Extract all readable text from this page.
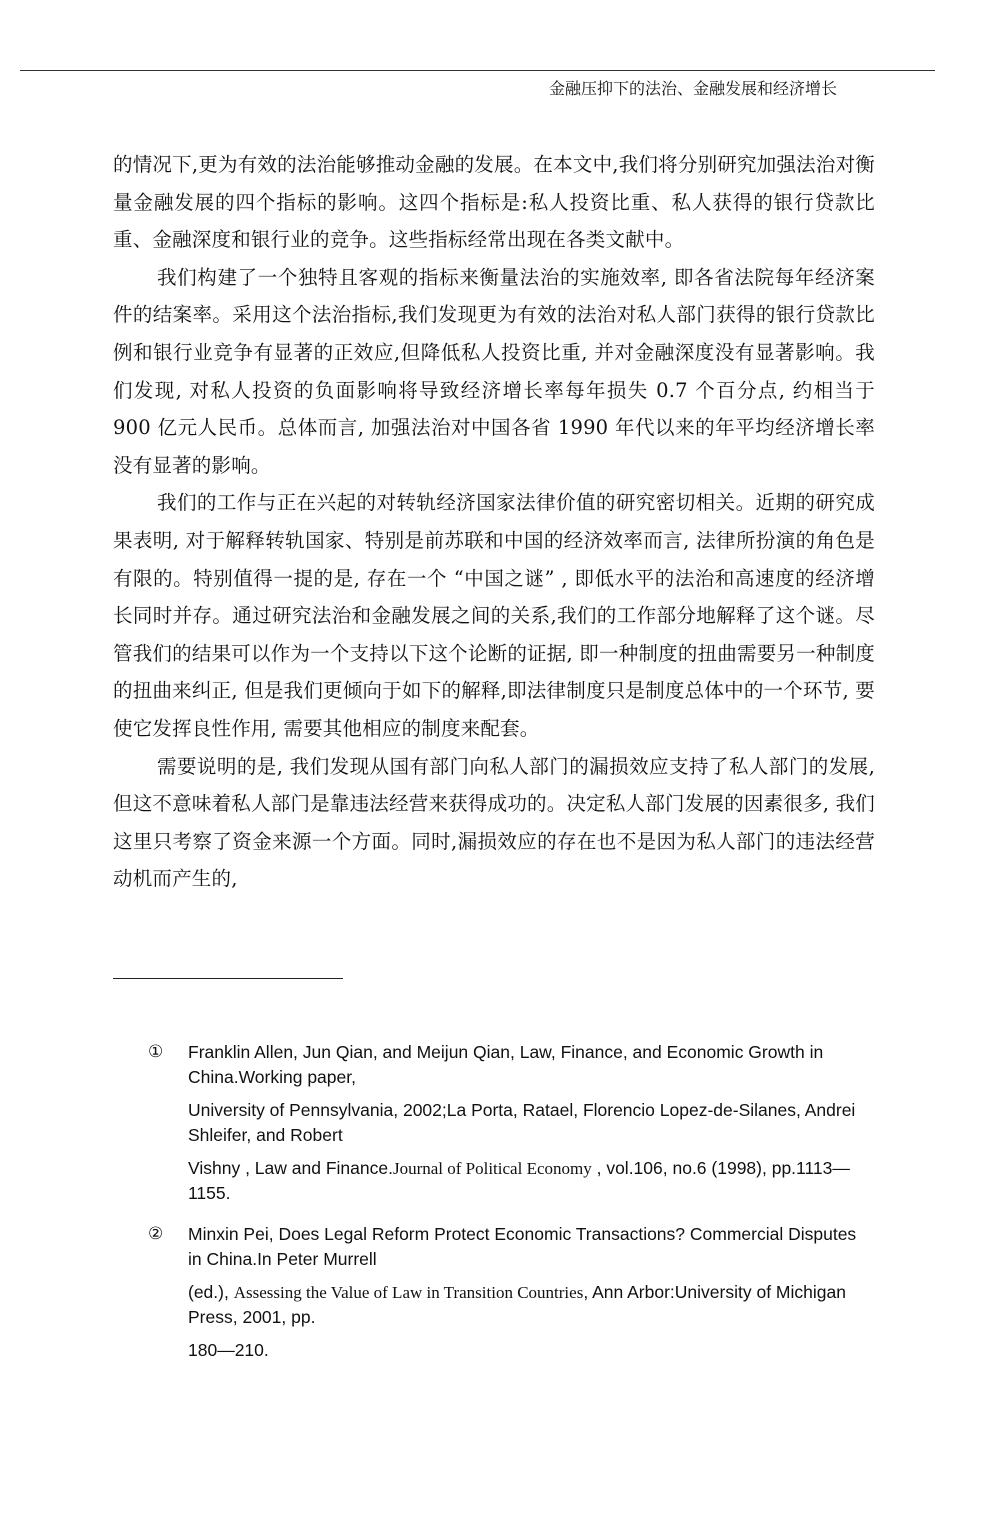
金融压抑下的法治、金融发展和经济增长

的情况下,更为有效的法治能够推动金融的发展。在本文中,我们将分别研究加强法治对衡量金融发展的四个指标的影响。这四个指标是:私人投资比重、私人获得的银行贷款比重、金融深度和银行业的竞争。这些指标经常出现在各类文献中。

我们构建了一个独特且客观的指标来衡量法治的实施效率, 即各省法院每年经济案件的结案率。采用这个法治指标,我们发现更为有效的法治对私人部门获得的银行贷款比例和银行业竞争有显著的正效应,但降低私人投资比重, 并对金融深度没有显著影响。我们发现, 对私人投资的负面影响将导致经济增长率每年损失 0.7 个百分点, 约相当于 900 亿元人民币。总体而言, 加强法治对中国各省 1990 年代以来的年平均经济增长率没有显著的影响。

我们的工作与正在兴起的对转轨经济国家法律价值的研究密切相关。近期的研究成果表明, 对于解释转轨国家、特别是前苏联和中国的经济效率而言, 法律所扮演的角色是有限的。特别值得一提的是, 存在一个 “中国之谜” , 即低水平的法治和高速度的经济增长同时并存。通过研究法治和金融发展之间的关系,我们的工作部分地解释了这个谜。尽管我们的结果可以作为一个支持以下这个论断的证据, 即一种制度的扭曲需要另一种制度的扭曲来纠正, 但是我们更倾向于如下的解释,即法律制度只是制度总体中的一个环节, 要使它发挥良性作用, 需要其他相应的制度来配套。

需要说明的是, 我们发现从国有部门向私人部门的漏损效应支持了私人部门的发展,但这不意味着私人部门是靠违法经营来获得成功的。决定私人部门发展的因素很多, 我们这里只考察了资金来源一个方面。同时,漏损效应的存在也不是因为私人部门的违法经营动机而产生的,

①	Franklin Allen, Jun Qian, and Meijun Qian, Law, Finance, and Economic Growth in China.Working paper,
University of Pennsylvania, 2002;La Porta, Ratael, Florencio Lopez-de-Silanes, Andrei Shleifer, and Robert
Vishny , Law and Finance.Journal of Political Economy , vol.106, no.6 (1998), pp.1113—1155.
②	Minxin Pei, Does Legal Reform Protect Economic Transactions? Commercial Disputes in China.In Peter Murrell
(ed.), Assessing the Value of Law in Transition Countries, Ann Arbor:University of Michigan Press, 2001, pp.
180—210.
